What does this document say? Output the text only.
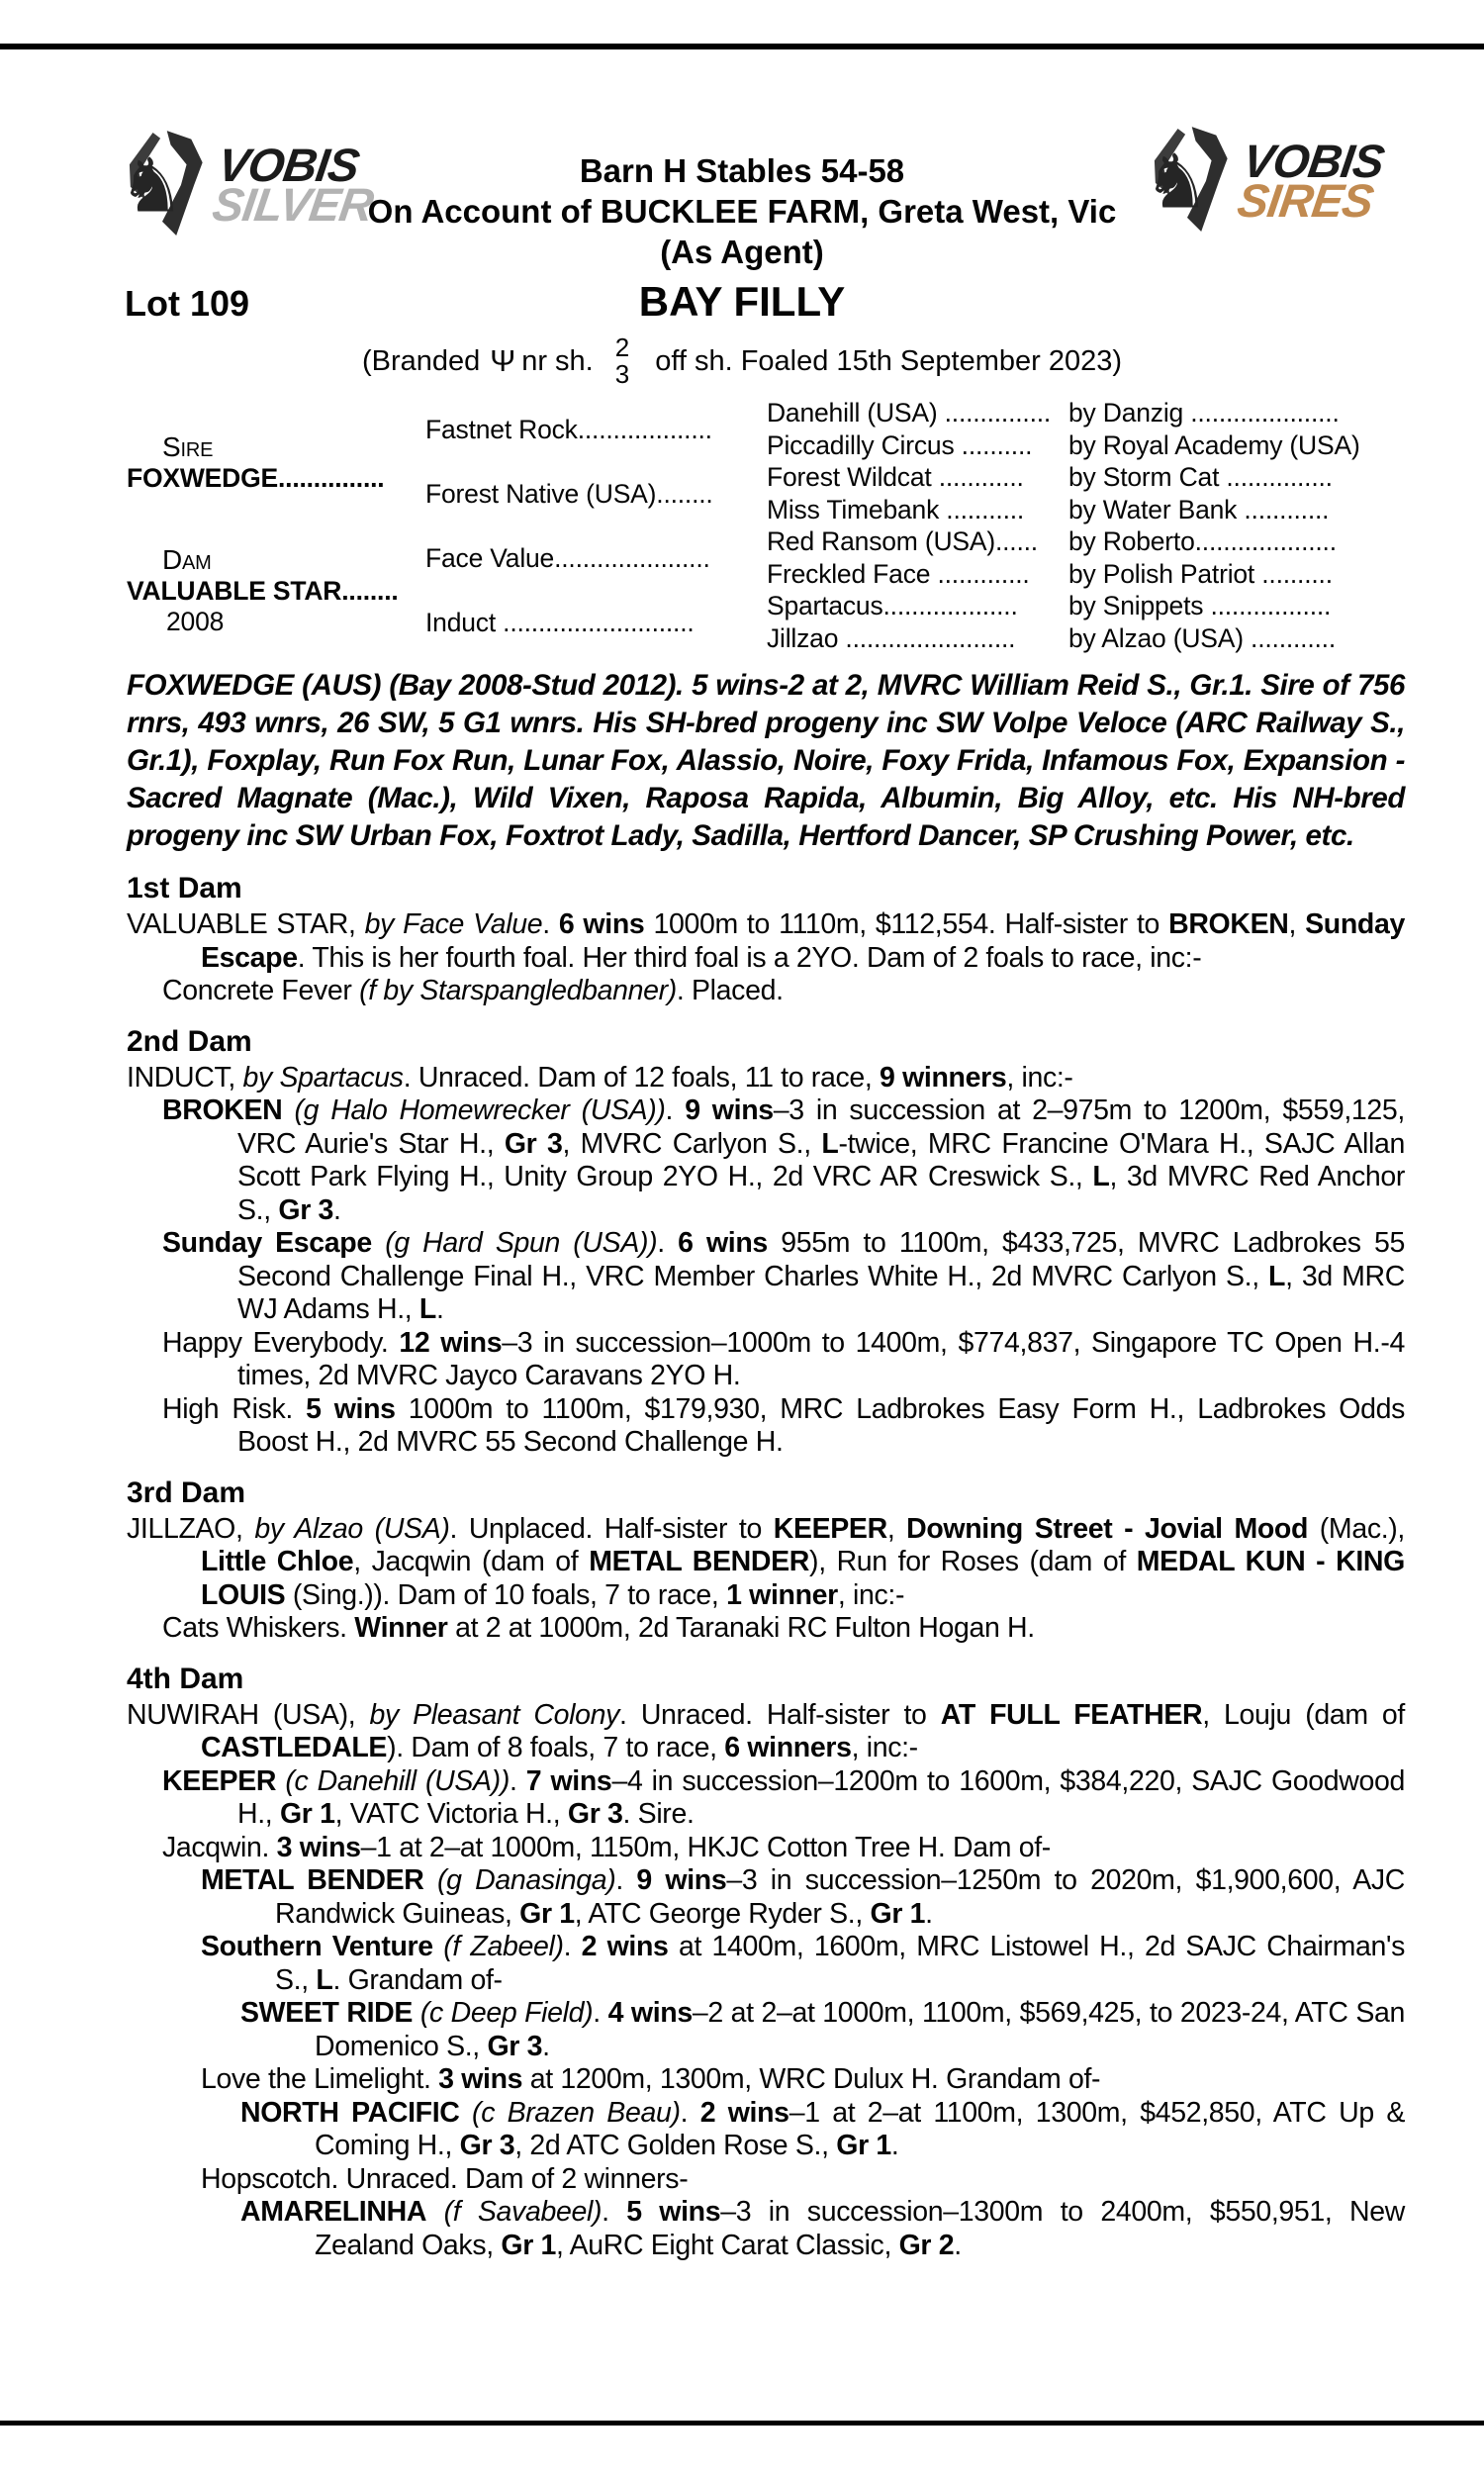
♞ VOBIS
SILVER	♞ VOBIS
SIRES
Barn H Stables 54-58
On Account of BUCKLEE FARM, Greta West, Vic
(As Agent)
Lot 109	BAY FILLY
(Branded Ψ nr sh. 2
3 off sh. Foaled 15th September 2023)
Sire
FOXWEDGE...............
Dam
VALUABLE STAR........
2008
Fastnet Rock...................
Forest Native (USA)........
Face Value......................
Induct ...........................
Danehill (USA) ............... by Danzig .....................
Piccadilly Circus ..........	by Royal Academy (USA)
Forest Wildcat ............	by Storm Cat ...............
Miss Timebank ...........	by Water Bank ............
Red Ransom (USA)......	by Roberto....................
Freckled Face .............	by Polish Patriot ..........
Spartacus...................	by Snippets .................
Jillzao ........................	by Alzao (USA) ............
FOXWEDGE (AUS) (Bay 2008-Stud 2012). 5 wins-2 at 2, MVRC William Reid S., Gr.1. Sire of 756 rnrs, 493 wnrs, 26 SW, 5 G1 wnrs. His SH-bred progeny inc SW Volpe Veloce (ARC Railway S., Gr.1), Foxplay, Run Fox Run, Lunar Fox, Alassio, Noire, Foxy Frida, Infamous Fox, Expansion - Sacred Magnate (Mac.), Wild Vixen, Raposa Rapida, Albumin, Big Alloy, etc. His NH-bred progeny inc SW Urban Fox, Foxtrot Lady, Sadilla, Hertford Dancer, SP Crushing Power, etc.
1st Dam
VALUABLE STAR, by Face Value. 6 wins 1000m to 1110m, $112,554. Half-sister to BROKEN, Sunday Escape. This is her fourth foal. Her third foal is a 2YO. Dam of 2 foals to race, inc:-
Concrete Fever (f by Starspangledbanner). Placed.
2nd Dam
INDUCT, by Spartacus. Unraced. Dam of 12 foals, 11 to race, 9 winners, inc:-
BROKEN (g Halo Homewrecker (USA)). 9 wins–3 in succession at 2–975m to 1200m, $559,125, VRC Aurie's Star H., Gr 3, MVRC Carlyon S., L-twice, MRC Francine O'Mara H., SAJC Allan Scott Park Flying H., Unity Group 2YO H., 2d VRC AR Creswick S., L, 3d MVRC Red Anchor S., Gr 3.
Sunday Escape (g Hard Spun (USA)). 6 wins 955m to 1100m, $433,725, MVRC Ladbrokes 55 Second Challenge Final H., VRC Member Charles White H., 2d MVRC Carlyon S., L, 3d MRC WJ Adams H., L.
Happy Everybody. 12 wins–3 in succession–1000m to 1400m, $774,837, Singapore TC Open H.-4 times, 2d MVRC Jayco Caravans 2YO H.
High Risk. 5 wins 1000m to 1100m, $179,930, MRC Ladbrokes Easy Form H., Ladbrokes Odds Boost H., 2d MVRC 55 Second Challenge H.
3rd Dam
JILLZAO, by Alzao (USA). Unplaced. Half-sister to KEEPER, Downing Street - Jovial Mood (Mac.), Little Chloe, Jacqwin (dam of METAL BENDER), Run for Roses (dam of MEDAL KUN - KING LOUIS (Sing.)). Dam of 10 foals, 7 to race, 1 winner, inc:-
Cats Whiskers. Winner at 2 at 1000m, 2d Taranaki RC Fulton Hogan H.
4th Dam
NUWIRAH (USA), by Pleasant Colony. Unraced. Half-sister to AT FULL FEATHER, Louju (dam of CASTLEDALE). Dam of 8 foals, 7 to race, 6 winners, inc:-
KEEPER (c Danehill (USA)). 7 wins–4 in succession–1200m to 1600m, $384,220, SAJC Goodwood H., Gr 1, VATC Victoria H., Gr 3. Sire.
Jacqwin. 3 wins–1 at 2–at 1000m, 1150m, HKJC Cotton Tree H. Dam of-
METAL BENDER (g Danasinga). 9 wins–3 in succession–1250m to 2020m, $1,900,600, AJC Randwick Guineas, Gr 1, ATC George Ryder S., Gr 1.
Southern Venture (f Zabeel). 2 wins at 1400m, 1600m, MRC Listowel H., 2d SAJC Chairman's S., L. Grandam of-
SWEET RIDE (c Deep Field). 4 wins–2 at 2–at 1000m, 1100m, $569,425, to 2023-24, ATC San Domenico S., Gr 3.
Love the Limelight. 3 wins at 1200m, 1300m, WRC Dulux H. Grandam of-
NORTH PACIFIC (c Brazen Beau). 2 wins–1 at 2–at 1100m, 1300m, $452,850, ATC Up & Coming H., Gr 3, 2d ATC Golden Rose S., Gr 1.
Hopscotch. Unraced. Dam of 2 winners-
AMARELINHA (f Savabeel). 5 wins–3 in succession–1300m to 2400m, $550,951, New Zealand Oaks, Gr 1, AuRC Eight Carat Classic, Gr 2.
